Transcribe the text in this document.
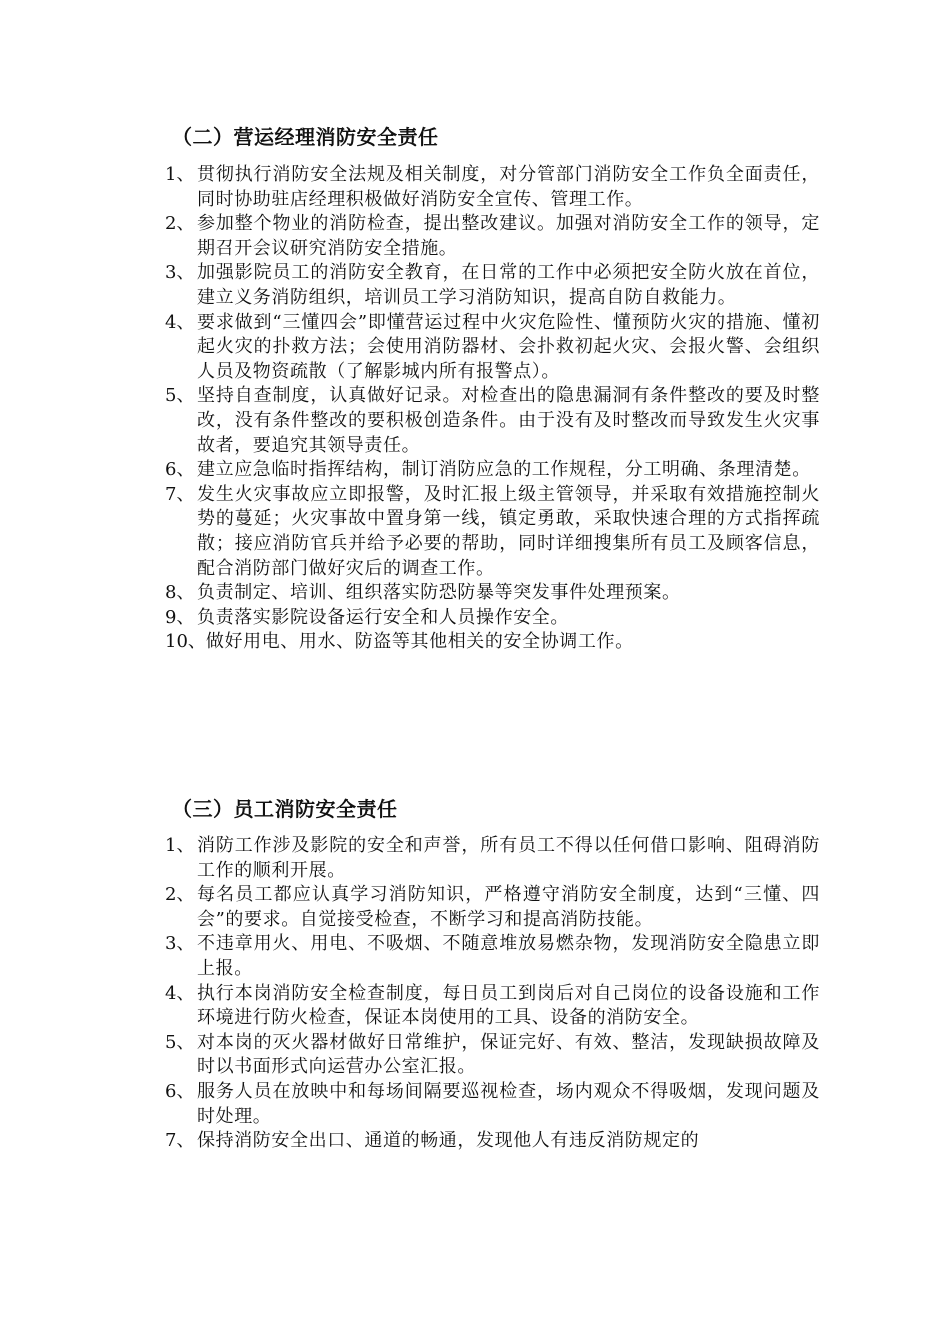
（二）营运经理消防安全责任
1、 贯彻执行消防安全法规及相关制度，对分管部门消防安全工作负全面责任，同时协助驻店经理积极做好消防安全宣传、管理工作。
2、 参加整个物业的消防检查，提出整改建议。加强对消防安全工作的领导，定期召开会议研究消防安全措施。
3、 加强影院员工的消防安全教育，在日常的工作中必须把安全防火放在首位，建立义务消防组织，培训员工学习消防知识，提高自防自救能力。
4、 要求做到“三懂四会”即懂营运过程中火灾危险性、懂预防火灾的措施、懂初起火灾的扑救方法；会使用消防器材、会扑救初起火灾、会报火警、会组织人员及物资疏散（了解影城内所有报警点）。
5、 坚持自查制度，认真做好记录。对检查出的隐患漏洞有条件整改的要及时整改，没有条件整改的要积极创造条件。由于没有及时整改而导致发生火灾事故者，要追究其领导责任。
6、 建立应急临时指挥结构，制订消防应急的工作规程，分工明确、条理清楚。
7、 发生火灾事故应立即报警，及时汇报上级主管领导，并采取有效措施控制火势的蔓延；火灾事故中置身第一线，镇定勇敢，采取快速合理的方式指挥疏散；接应消防官兵并给予必要的帮助，同时详细搜集所有员工及顾客信息，配合消防部门做好灾后的调查工作。
8、 负责制定、培训、组织落实防恐防暴等突发事件处理预案。
9、 负责落实影院设备运行安全和人员操作安全。
10、 做好用电、用水、防盗等其他相关的安全协调工作。
（三）员工消防安全责任
1、 消防工作涉及影院的安全和声誉，所有员工不得以任何借口影响、阻碍消防工作的顺利开展。
2、 每名员工都应认真学习消防知识，严格遵守消防安全制度，达到“三懂、四会”的要求。自觉接受检查，不断学习和提高消防技能。
3、 不违章用火、用电、不吸烟、不随意堆放易燃杂物，发现消防安全隐患立即上报。
4、 执行本岗消防安全检查制度，每日员工到岗后对自己岗位的设备设施和工作环境进行防火检查，保证本岗使用的工具、设备的消防安全。
5、 对本岗的灭火器材做好日常维护，保证完好、有效、整洁，发现缺损故障及时以书面形式向运营办公室汇报。
6、 服务人员在放映中和每场间隔要巡视检查，场内观众不得吸烟，发现问题及时处理。
7、 保持消防安全出口、通道的畅通，发现他人有违反消防规定的
